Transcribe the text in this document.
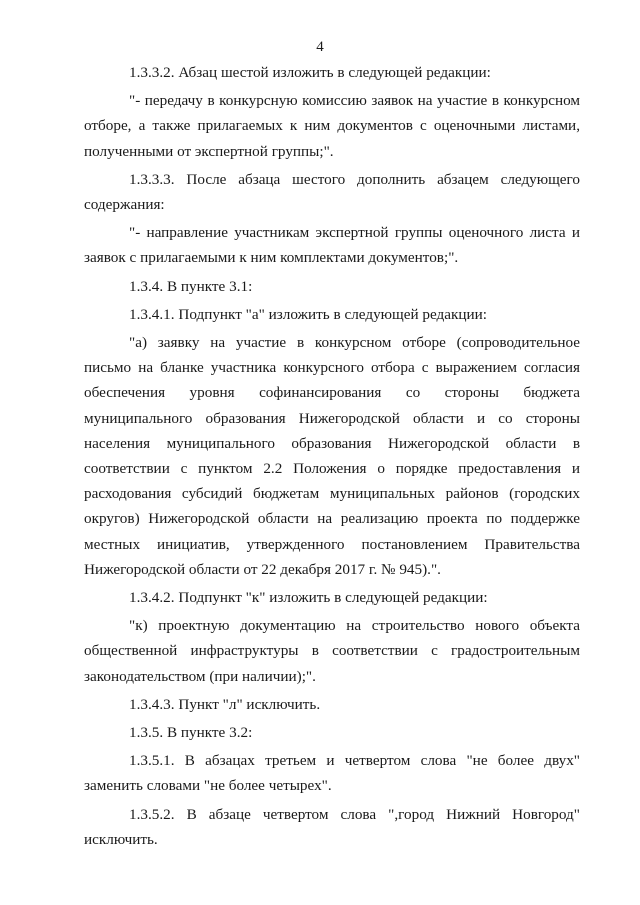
4

1.3.3.2. Абзац шестой изложить в следующей редакции:

"- передачу в конкурсную комиссию заявок на участие в конкурсном отборе, а также прилагаемых к ним документов с оценочными листами, полученными от экспертной группы;".

1.3.3.3. После абзаца шестого дополнить абзацем следующего содержания:

"- направление участникам экспертной группы оценочного листа и заявок с прилагаемыми к ним комплектами документов;".

1.3.4. В пункте 3.1:

1.3.4.1. Подпункт "а" изложить в следующей редакции:

"а) заявку на участие в конкурсном отборе (сопроводительное письмо на бланке участника конкурсного отбора с выражением согласия обеспечения уровня софинансирования со стороны бюджета муниципального образования Нижегородской области и со стороны населения муниципального образования Нижегородской области в соответствии с пунктом 2.2 Положения о порядке предоставления и расходования субсидий бюджетам муниципальных районов (городских округов) Нижегородской области на реализацию проекта по поддержке местных инициатив, утвержденного постановлением Правительства Нижегородской области от 22 декабря 2017 г. № 945).".

1.3.4.2. Подпункт "к" изложить в следующей редакции:

"к) проектную документацию на строительство нового объекта общественной инфраструктуры в соответствии с градостроительным законодательством (при наличии);".

1.3.4.3. Пункт "л" исключить.

1.3.5. В пункте 3.2:

1.3.5.1. В абзацах третьем и четвертом слова "не более двух" заменить словами "не более четырех".

1.3.5.2. В абзаце четвертом слова ",город Нижний Новгород" исключить.
